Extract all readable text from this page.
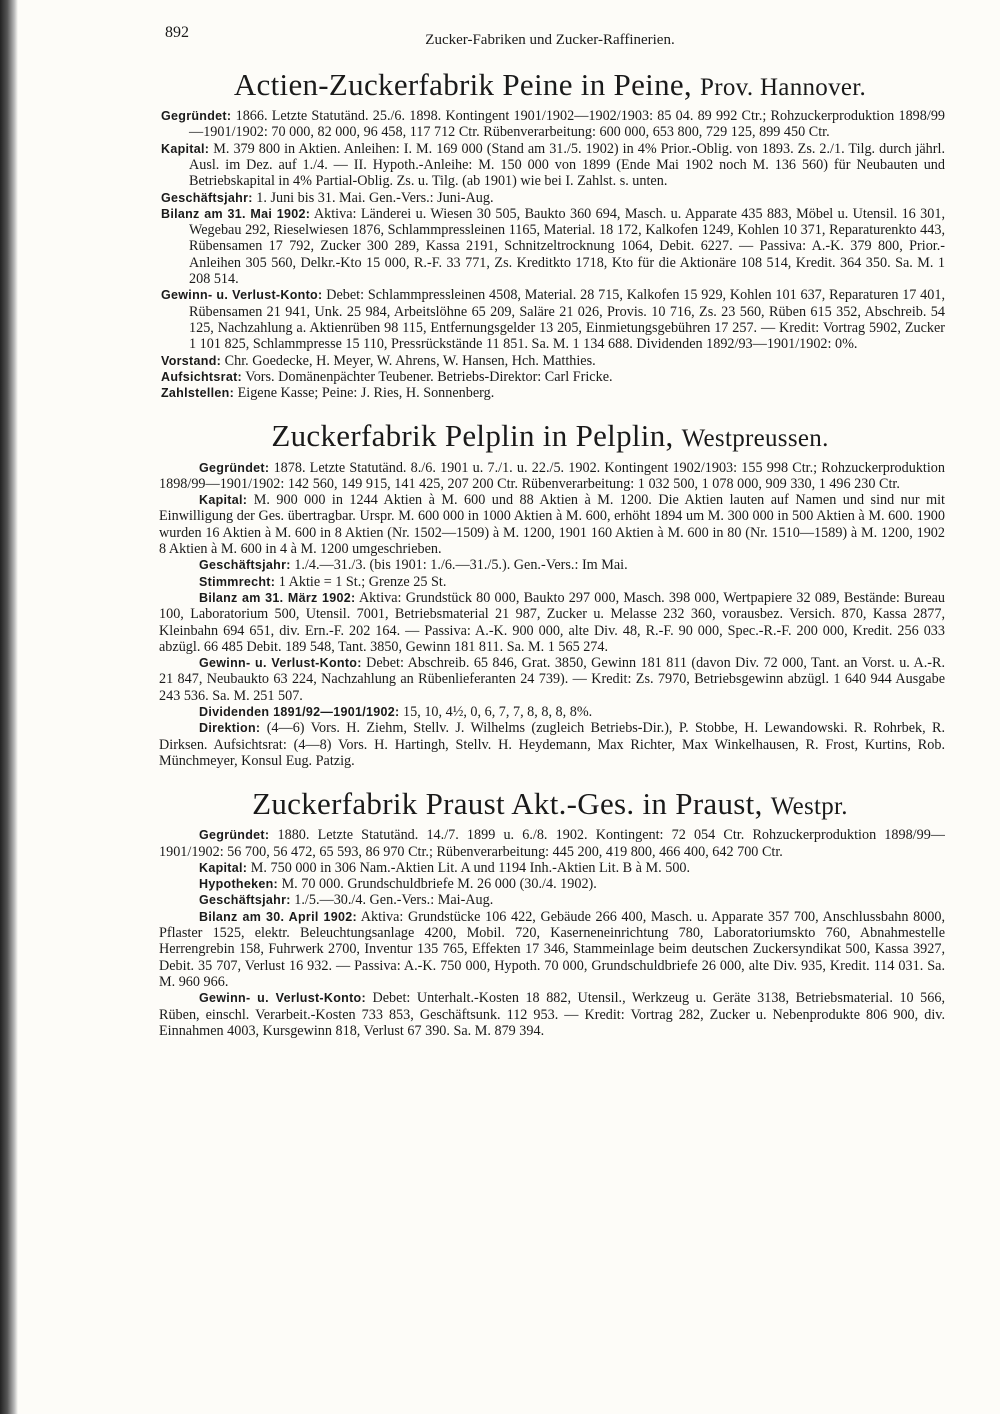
892	Zucker-Fabriken und Zucker-Raffinerien.
Actien-Zuckerfabrik Peine in Peine, Prov. Hannover.

Gegründet: 1866. Letzte Statutänd. 25./6. 1898. Kontingent 1901/1902—1902/1903: 85 04. 89 992 Ctr.; Rohzuckerproduktion 1898/99—1901/1902: 70 000, 82 000, 96 458, 117 712 Ctr. Rübenverarbeitung: 600 000, 653 800, 729 125, 899 450 Ctr.

Kapital: M. 379 800 in Aktien. Anleihen: I. M. 169 000 (Stand am 31./5. 1902) in 4% Prior.-Oblig. von 1893. Zs. 2./1. Tilg. durch jährl. Ausl. im Dez. auf 1./4. — II. Hypoth.-Anleihe: M. 150 000 von 1899 (Ende Mai 1902 noch M. 136 560) für Neubauten und Betriebskapital in 4% Partial-Oblig. Zs. u. Tilg. (ab 1901) wie bei I. Zahlst. s. unten.

Geschäftsjahr: 1. Juni bis 31. Mai. Gen.-Vers.: Juni-Aug.

Bilanz am 31. Mai 1902: Aktiva: Länderei u. Wiesen 30 505, Baukto 360 694, Masch. u. Apparate 435 883, Möbel u. Utensil. 16 301, Wegebau 292, Rieselwiesen 1876, Schlammpressleinen 1165, Material. 18 172, Kalkofen 1249, Kohlen 10 371, Reparaturenkto 443, Rübensamen 17 792, Zucker 300 289, Kassa 2191, Schnitzeltrocknung 1064, Debit. 6227. — Passiva: A.-K. 379 800, Prior.-Anleihen 305 560, Delkr.-Kto 15 000, R.-F. 33 771, Zs. Kreditkto 1718, Kto für die Aktionäre 108 514, Kredit. 364 350. Sa. M. 1 208 514.

Gewinn- u. Verlust-Konto: Debet: Schlammpressleinen 4508, Material. 28 715, Kalkofen 15 929, Kohlen 101 637, Reparaturen 17 401, Rübensamen 21 941, Unk. 25 984, Arbeitslöhne 65 209, Saläre 21 026, Provis. 10 716, Zs. 23 560, Rüben 615 352, Abschreib. 54 125, Nachzahlung a. Aktienrüben 98 115, Entfernungsgelder 13 205, Einmietungsgebühren 17 257. — Kredit: Vortrag 5902, Zucker 1 101 825, Schlammpresse 15 110, Pressrückstände 11 851. Sa. M. 1 134 688. Dividenden 1892/93—1901/1902: 0%.

Vorstand: Chr. Goedecke, H. Meyer, W. Ahrens, W. Hansen, Hch. Matthies.

Aufsichtsrat: Vors. Domänenpächter Teubener. Betriebs-Direktor: Carl Fricke.

Zahlstellen: Eigene Kasse; Peine: J. Ries, H. Sonnenberg.

Zuckerfabrik Pelplin in Pelplin, Westpreussen.

Gegründet: 1878. Letzte Statutänd. 8./6. 1901 u. 7./1. u. 22./5. 1902. Kontingent 1902/1903: 155 998 Ctr.; Rohzuckerproduktion 1898/99—1901/1902: 142 560, 149 915, 141 425, 207 200 Ctr. Rübenverarbeitung: 1 032 500, 1 078 000, 909 330, 1 496 230 Ctr.

Kapital: M. 900 000 in 1244 Aktien à M. 600 und 88 Aktien à M. 1200. Die Aktien lauten auf Namen und sind nur mit Einwilligung der Ges. übertragbar. Urspr. M. 600 000 in 1000 Aktien à M. 600, erhöht 1894 um M. 300 000 in 500 Aktien à M. 600. 1900 wurden 16 Aktien à M. 600 in 8 Aktien (Nr. 1502—1509) à M. 1200, 1901 160 Aktien à M. 600 in 80 (Nr. 1510—1589) à M. 1200, 1902 8 Aktien à M. 600 in 4 à M. 1200 umgeschrieben.

Geschäftsjahr: 1./4.—31./3. (bis 1901: 1./6.—31./5.). Gen.-Vers.: Im Mai.

Stimmrecht: 1 Aktie = 1 St.; Grenze 25 St.

Bilanz am 31. März 1902: Aktiva: Grundstück 80 000, Baukto 297 000, Masch. 398 000, Wertpapiere 32 089, Bestände: Bureau 100, Laboratorium 500, Utensil. 7001, Betriebsmaterial 21 987, Zucker u. Melasse 232 360, vorausbez. Versich. 870, Kassa 2877, Kleinbahn 694 651, div. Ern.-F. 202 164. — Passiva: A.-K. 900 000, alte Div. 48, R.-F. 90 000, Spec.-R.-F. 200 000, Kredit. 256 033 abzügl. 66 485 Debit. 189 548, Tant. 3850, Gewinn 181 811. Sa. M. 1 565 274.

Gewinn- u. Verlust-Konto: Debet: Abschreib. 65 846, Grat. 3850, Gewinn 181 811 (davon Div. 72 000, Tant. an Vorst. u. A.-R. 21 847, Neubaukto 63 224, Nachzahlung an Rübenlieferanten 24 739). — Kredit: Zs. 7970, Betriebsgewinn abzügl. 1 640 944 Ausgabe 243 536. Sa. M. 251 507.

Dividenden 1891/92—1901/1902: 15, 10, 4½, 0, 6, 7, 7, 8, 8, 8, 8%.

Direktion: (4—6) Vors. H. Ziehm, Stellv. J. Wilhelms (zugleich Betriebs-Dir.), P. Stobbe, H. Lewandowski. R. Rohrbek, R. Dirksen. Aufsichtsrat: (4—8) Vors. H. Hartingh, Stellv. H. Heydemann, Max Richter, Max Winkelhausen, R. Frost, Kurtins, Rob. Münchmeyer, Konsul Eug. Patzig.

Zuckerfabrik Praust Akt.-Ges. in Praust, Westpr.

Gegründet: 1880. Letzte Statutänd. 14./7. 1899 u. 6./8. 1902. Kontingent: 72 054 Ctr. Rohzuckerproduktion 1898/99—1901/1902: 56 700, 56 472, 65 593, 86 970 Ctr.; Rübenverarbeitung: 445 200, 419 800, 466 400, 642 700 Ctr.

Kapital: M. 750 000 in 306 Nam.-Aktien Lit. A und 1194 Inh.-Aktien Lit. B à M. 500.

Hypotheken: M. 70 000. Grundschuldbriefe M. 26 000 (30./4. 1902).

Geschäftsjahr: 1./5.—30./4. Gen.-Vers.: Mai-Aug.

Bilanz am 30. April 1902: Aktiva: Grundstücke 106 422, Gebäude 266 400, Masch. u. Apparate 357 700, Anschlussbahn 8000, Pflaster 1525, elektr. Beleuchtungsanlage 4200, Mobil. 720, Kaserneneinrichtung 780, Laboratoriumskto 760, Abnahmestelle Herrengrebin 158, Fuhrwerk 2700, Inventur 135 765, Effekten 17 346, Stammeinlage beim deutschen Zuckersyndikat 500, Kassa 3927, Debit. 35 707, Verlust 16 932. — Passiva: A.-K. 750 000, Hypoth. 70 000, Grundschuldbriefe 26 000, alte Div. 935, Kredit. 114 031. Sa. M. 960 966.

Gewinn- u. Verlust-Konto: Debet: Unterhalt.-Kosten 18 882, Utensil., Werkzeug u. Geräte 3138, Betriebsmaterial. 10 566, Rüben, einschl. Verarbeit.-Kosten 733 853, Geschäftsunk. 112 953. — Kredit: Vortrag 282, Zucker u. Nebenprodukte 806 900, div. Einnahmen 4003, Kursgewinn 818, Verlust 67 390. Sa. M. 879 394.
